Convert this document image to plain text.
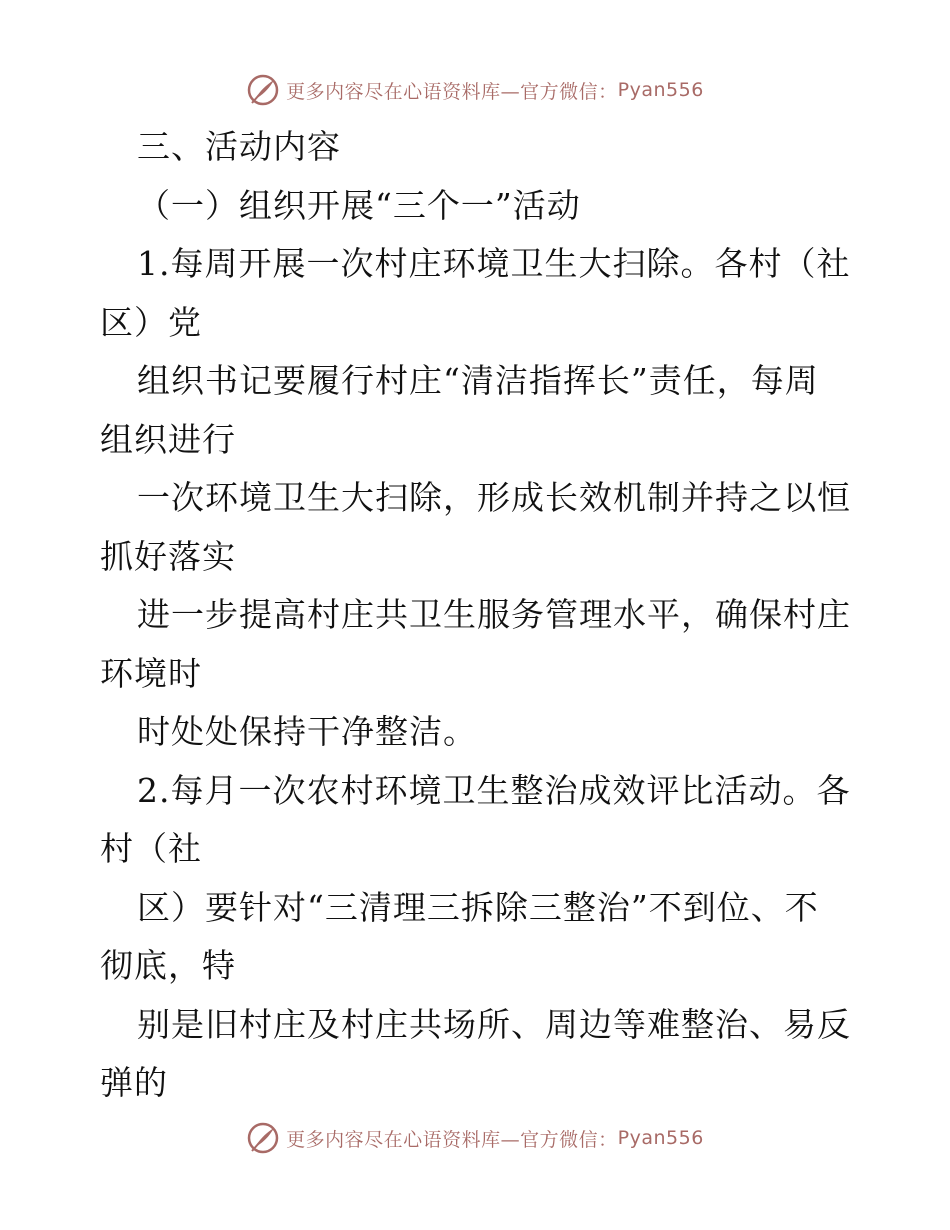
更多内容尽在心语资料库—官方微信： Pyan556
三、活动内容
（一）组织开展“三个一”活动
1.每周开展一次村庄环境卫生大扫除。各村（社
区）党
组织书记要履行村庄“清洁指挥长”责任，每周
组织进行
一次环境卫生大扫除，形成长效机制并持之以恒
抓好落实
进一步提高村庄共卫生服务管理水平，确保村庄
环境时
时处处保持干净整洁。
2.每月一次农村环境卫生整治成效评比活动。各
村（社
区）要针对“三清理三拆除三整治”不到位、不
彻底，特
别是旧村庄及村庄共场所、周边等难整治、易反
弹的
更多内容尽在心语资料库—官方微信： Pyan556
